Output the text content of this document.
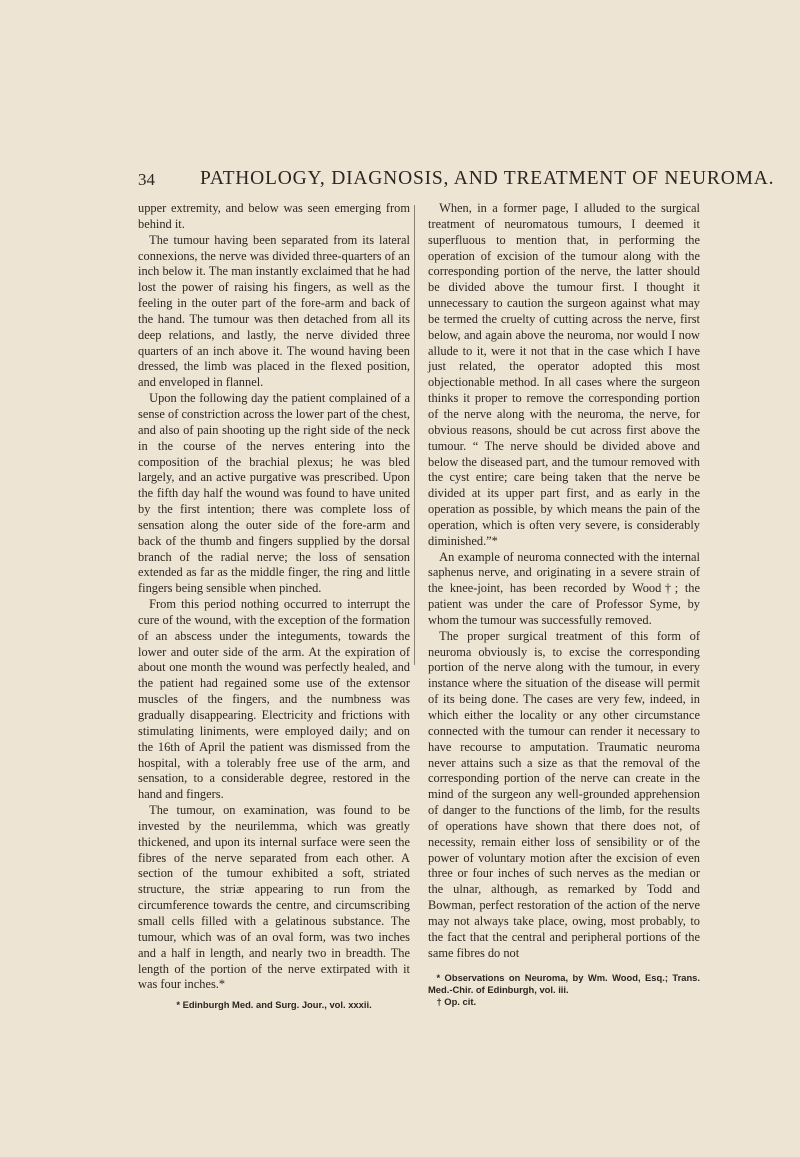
34 PATHOLOGY, DIAGNOSIS, AND TREATMENT OF NEUROMA.

upper extremity, and below was seen emerging from behind it.

The tumour having been separated from its lateral connexions, the nerve was divided three-quarters of an inch below it. The man instantly exclaimed that he had lost the power of raising his fingers, as well as the feeling in the outer part of the fore-arm and back of the hand. The tumour was then detached from all its deep relations, and lastly, the nerve divided three quarters of an inch above it. The wound having been dressed, the limb was placed in the flexed position, and enveloped in flannel.

Upon the following day the patient complained of a sense of constriction across the lower part of the chest, and also of pain shooting up the right side of the neck in the course of the nerves entering into the composition of the brachial plexus; he was bled largely, and an active purgative was prescribed. Upon the fifth day half the wound was found to have united by the first intention; there was complete loss of sensation along the outer side of the fore-arm and back of the thumb and fingers supplied by the dorsal branch of the radial nerve; the loss of sensation extended as far as the middle finger, the ring and little fingers being sensible when pinched.

From this period nothing occurred to interrupt the cure of the wound, with the exception of the formation of an abscess under the integuments, towards the lower and outer side of the arm. At the expiration of about one month the wound was perfectly healed, and the patient had regained some use of the extensor muscles of the fingers, and the numbness was gradually disappearing. Electricity and frictions with stimulating liniments, were employed daily; and on the 16th of April the patient was dismissed from the hospital, with a tolerably free use of the arm, and sensation, to a considerable degree, restored in the hand and fingers.

The tumour, on examination, was found to be invested by the neurilemma, which was greatly thickened, and upon its internal surface were seen the fibres of the nerve separated from each other. A section of the tumour exhibited a soft, striated structure, the striæ appearing to run from the circumference towards the centre, and circumscribing small cells filled with a gelatinous substance. The tumour, which was of an oval form, was two inches and a half in length, and nearly two in breadth. The length of the portion of the nerve extirpated with it was four inches.*

* Edinburgh Med. and Surg. Jour., vol. xxxii.

When, in a former page, I alluded to the surgical treatment of neuromatous tumours, I deemed it superfluous to mention that, in performing the operation of excision of the tumour along with the corresponding portion of the nerve, the latter should be divided above the tumour first. I thought it unnecessary to caution the surgeon against what may be termed the cruelty of cutting across the nerve, first below, and again above the neuroma, nor would I now allude to it, were it not that in the case which I have just related, the operator adopted this most objectionable method. In all cases where the surgeon thinks it proper to remove the corresponding portion of the nerve along with the neuroma, the nerve, for obvious reasons, should be cut across first above the tumour. “ The nerve should be divided above and below the diseased part, and the tumour removed with the cyst entire; care being taken that the nerve be divided at its upper part first, and as early in the operation as possible, by which means the pain of the operation, which is often very severe, is considerably diminished.”*

An example of neuroma connected with the internal saphenus nerve, and originating in a severe strain of the knee-joint, has been recorded by Wood†; the patient was under the care of Professor Syme, by whom the tumour was successfully removed.

The proper surgical treatment of this form of neuroma obviously is, to excise the corresponding portion of the nerve along with the tumour, in every instance where the situation of the disease will permit of its being done. The cases are very few, indeed, in which either the locality or any other circumstance connected with the tumour can render it necessary to have recourse to amputation. Traumatic neuroma never attains such a size as that the removal of the corresponding portion of the nerve can create in the mind of the surgeon any well-grounded apprehension of danger to the functions of the limb, for the results of operations have shown that there does not, of necessity, remain either loss of sensibility or of the power of voluntary motion after the excision of even three or four inches of such nerves as the median or the ulnar, although, as remarked by Todd and Bowman, perfect restoration of the action of the nerve may not always take place, owing, most probably, to the fact that the central and peripheral portions of the same fibres do not

* Observations on Neuroma, by Wm. Wood, Esq.; Trans. Med.-Chir. of Edinburgh, vol. iii.

† Op. cit.
